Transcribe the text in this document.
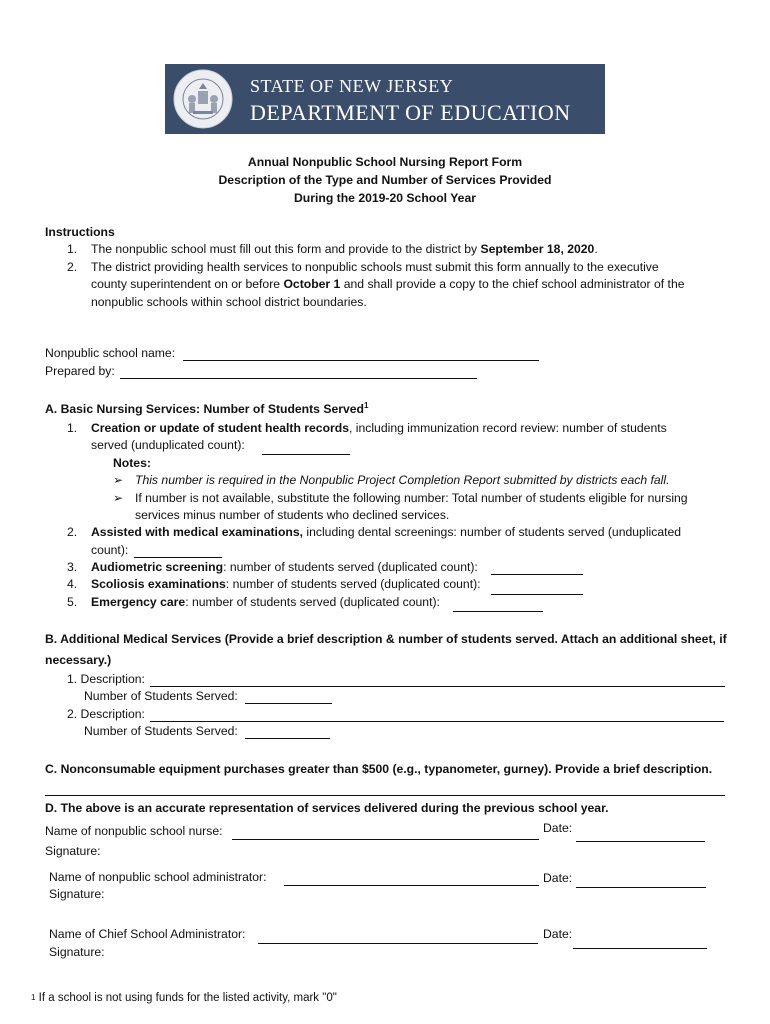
STATE OF NEW JERSEY
DEPARTMENT OF EDUCATION
Annual Nonpublic School Nursing Report Form
Description of the Type and Number of Services Provided
During the 2019-20 School Year
Instructions
1. The nonpublic school must fill out this form and provide to the district by September 18, 2020.
2. The district providing health services to nonpublic schools must submit this form annually to the executive
county superintendent on or before October 1 and shall provide a copy to the chief school administrator of the
nonpublic schools within school district boundaries.
Nonpublic school name:
Prepared by:
A. Basic Nursing Services: Number of Students Served$^1$
1. Creation or update of student health records, including immunization record review: number of students
served (unduplicated count):
Notes:
➢ This number is required in the Nonpublic Project Completion Report submitted by districts each fall.
➢ If number is not available, substitute the following number: Total number of students eligible for nursing
services minus number of students who declined services.
2. Assisted with medical examinations, including dental screenings: number of students served (unduplicated
count):
3. Audiometric screening: number of students served (duplicated count):
4. Scoliosis examinations: number of students served (duplicated count):
5. Emergency care: number of students served (duplicated count):
B. Additional Medical Services (Provide a brief description & number of students served. Attach an additional sheet, if
necessary.)
1. Description:
Number of Students Served:
2. Description:
Number of Students Served:
C. Nonconsumable equipment purchases greater than $500 (e.g., typanometer, gurney). Provide a brief description.
D. The above is an accurate representation of services delivered during the previous school year.
Name of nonpublic school nurse:	Date:
Signature:
Name of nonpublic school administrator:	Date:
Signature:
Name of Chief School Administrator:	Date:
Signature:
1 If a school is not using funds for the listed activity, mark "0"
